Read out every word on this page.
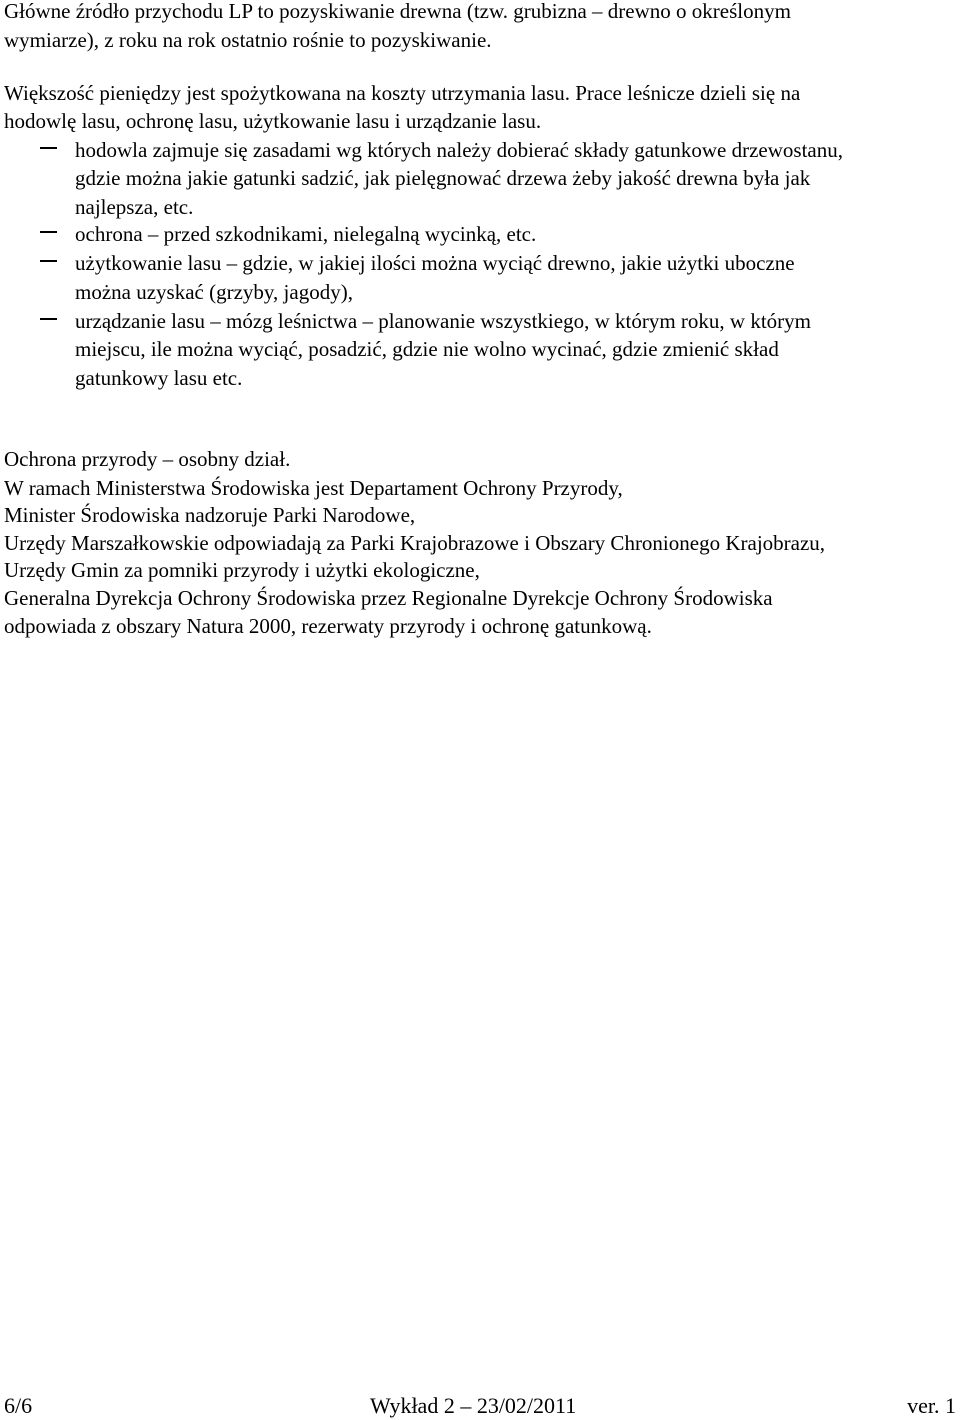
Główne źródło przychodu LP to pozyskiwanie drewna (tzw. grubizna – drewno o określonym
wymiarze), z roku na rok ostatnio rośnie to pozyskiwanie.
Większość pieniędzy jest spożytkowana na koszty utrzymania lasu. Prace leśnicze dzieli się na
hodowlę lasu, ochronę lasu, użytkowanie lasu i urządzanie lasu.
hodowla zajmuje się zasadami wg których należy dobierać składy gatunkowe drzewostanu,
gdzie można jakie gatunki sadzić, jak pielęgnować drzewa żeby jakość drewna była jak
najlepsza, etc.
ochrona – przed szkodnikami, nielegalną wycinką, etc.
użytkowanie lasu – gdzie, w jakiej ilości można wyciąć drewno, jakie użytki uboczne
można uzyskać (grzyby, jagody),
urządzanie lasu – mózg leśnictwa – planowanie wszystkiego, w którym roku, w którym
miejscu, ile można wyciąć, posadzić, gdzie nie wolno wycinać, gdzie zmienić skład
gatunkowy lasu etc.
Ochrona przyrody – osobny dział.
W ramach Ministerstwa Środowiska jest Departament Ochrony Przyrody,
Minister Środowiska nadzoruje Parki Narodowe,
Urzędy Marszałkowskie odpowiadają za Parki Krajobrazowe i Obszary Chronionego Krajobrazu,
Urzędy Gmin za pomniki przyrody i użytki ekologiczne,
Generalna Dyrekcja Ochrony Środowiska przez Regionalne Dyrekcje Ochrony Środowiska
odpowiada z obszary Natura 2000, rezerwaty przyrody i ochronę gatunkową.
6/6	Wykład 2 – 23/02/2011	ver. 1
